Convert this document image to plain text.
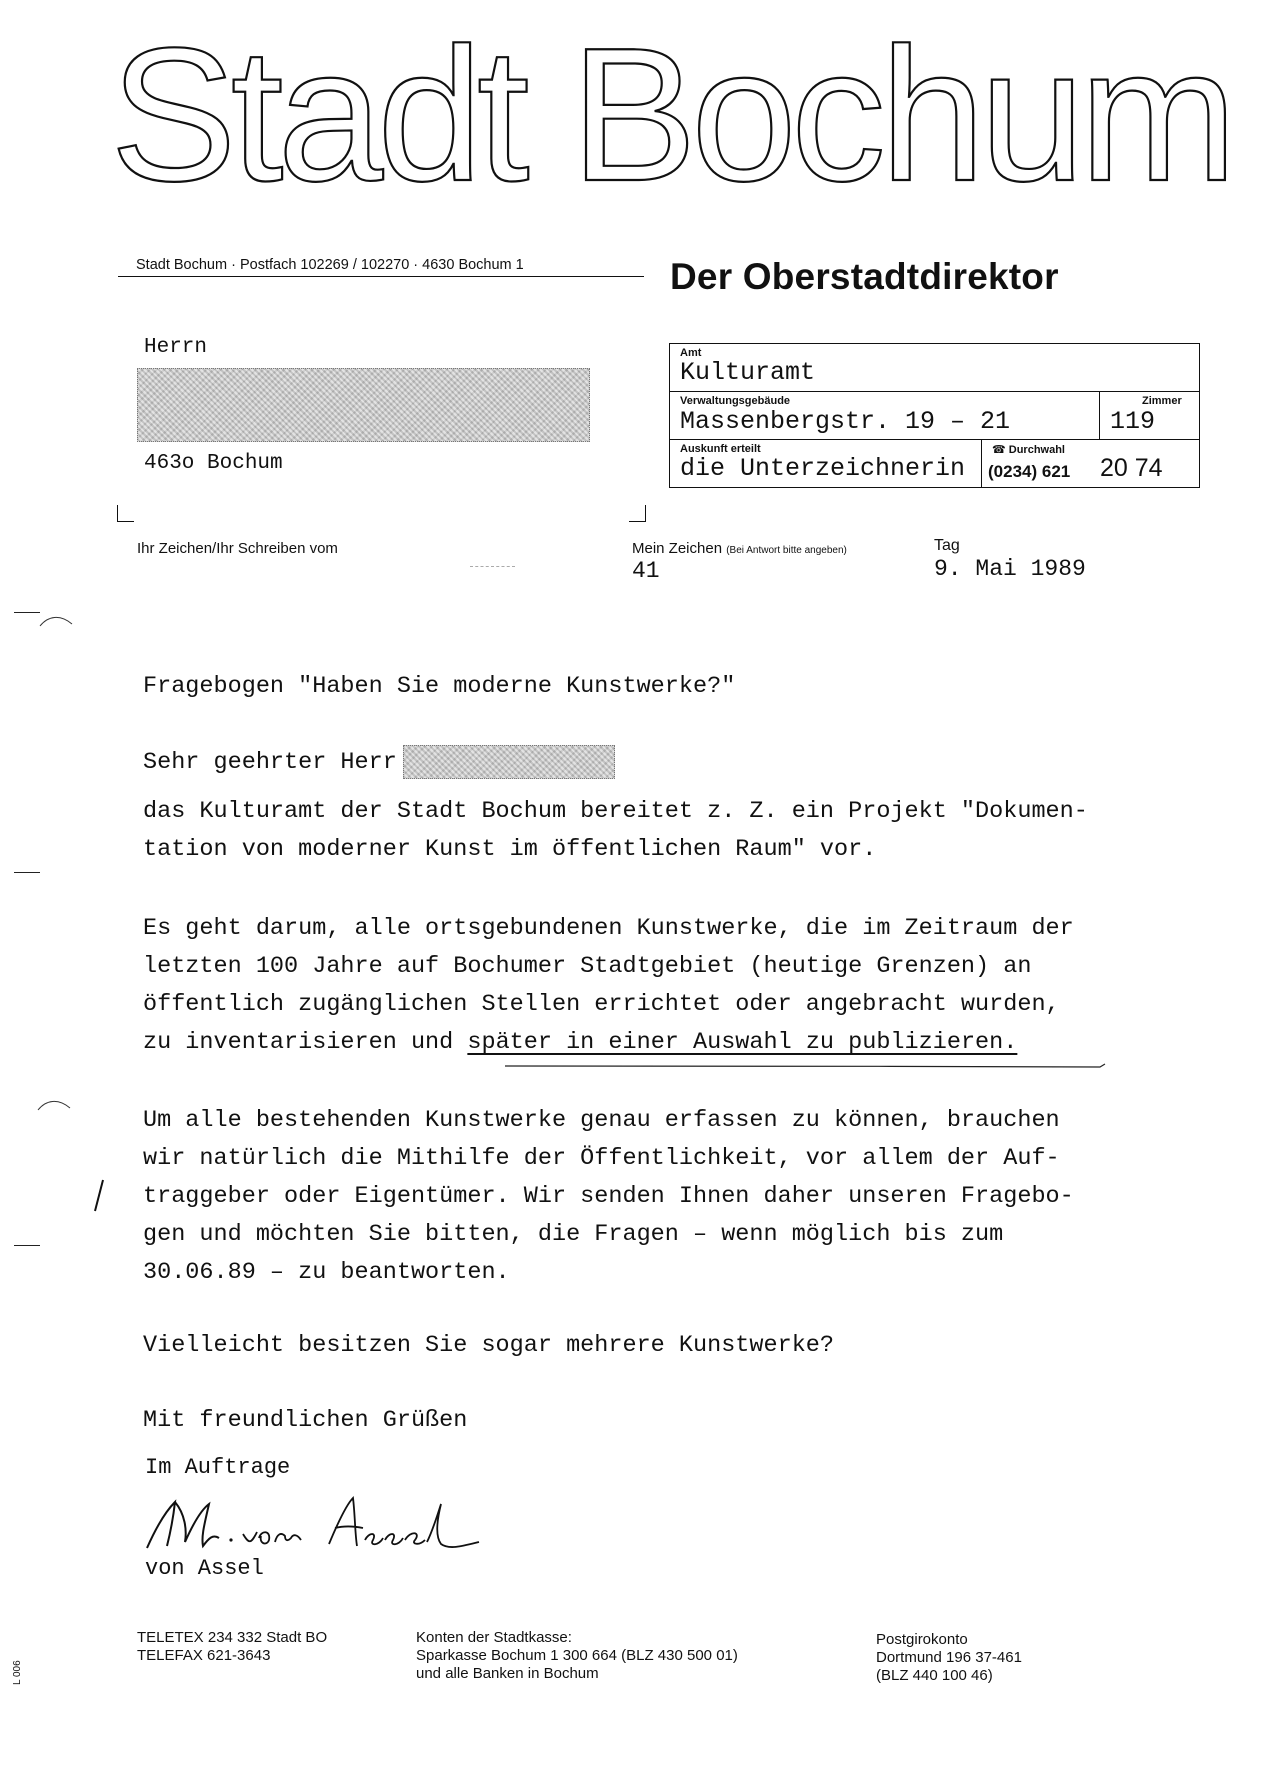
Stadt Bochum
Stadt Bochum · Postfach 102269 / 102270 · 4630 Bochum 1	Der Oberstadtdirektor
Herrn
463o Bochum
Amt
Kulturamt
Verwaltungsgebäude
Massenbergstr. 19 – 21
Zimmer
119
Auskunft erteilt
die Unterzeichnerin
☎ Durchwahl
(0234) 621 20 74
Ihr Zeichen/Ihr Schreiben vom	Mein Zeichen (Bei Antwort bitte angeben)
41
Tag
9. Mai 1989
Fragebogen "Haben Sie moderne Kunstwerke?"
Sehr geehrter Herr
das Kulturamt der Stadt Bochum bereitet z. Z. ein Projekt "Dokumen-
tation von moderner Kunst im öffentlichen Raum" vor.
Es geht darum, alle ortsgebundenen Kunstwerke, die im Zeitraum der
letzten 100 Jahre auf Bochumer Stadtgebiet (heutige Grenzen) an
öffentlich zugänglichen Stellen errichtet oder angebracht wurden,
zu inventarisieren und später in einer Auswahl zu publizieren.
Um alle bestehenden Kunstwerke genau erfassen zu können, brauchen
wir natürlich die Mithilfe der Öffentlichkeit, vor allem der Auf-
traggeber oder Eigentümer. Wir senden Ihnen daher unseren Fragebo-
gen und möchten Sie bitten, die Fragen – wenn möglich bis zum
30.06.89 – zu beantworten.
Vielleicht besitzen Sie sogar mehrere Kunstwerke?
Mit freundlichen Grüßen
Im Auftrage
von Assel
TELETEX 234 332 Stadt BO
TELEFAX 621-3643
Konten der Stadtkasse:
Sparkasse Bochum 1 300 664 (BLZ 430 500 01)
und alle Banken in Bochum
Postgirokonto
Dortmund 196 37-461
(BLZ 440 100 46)
L 006
